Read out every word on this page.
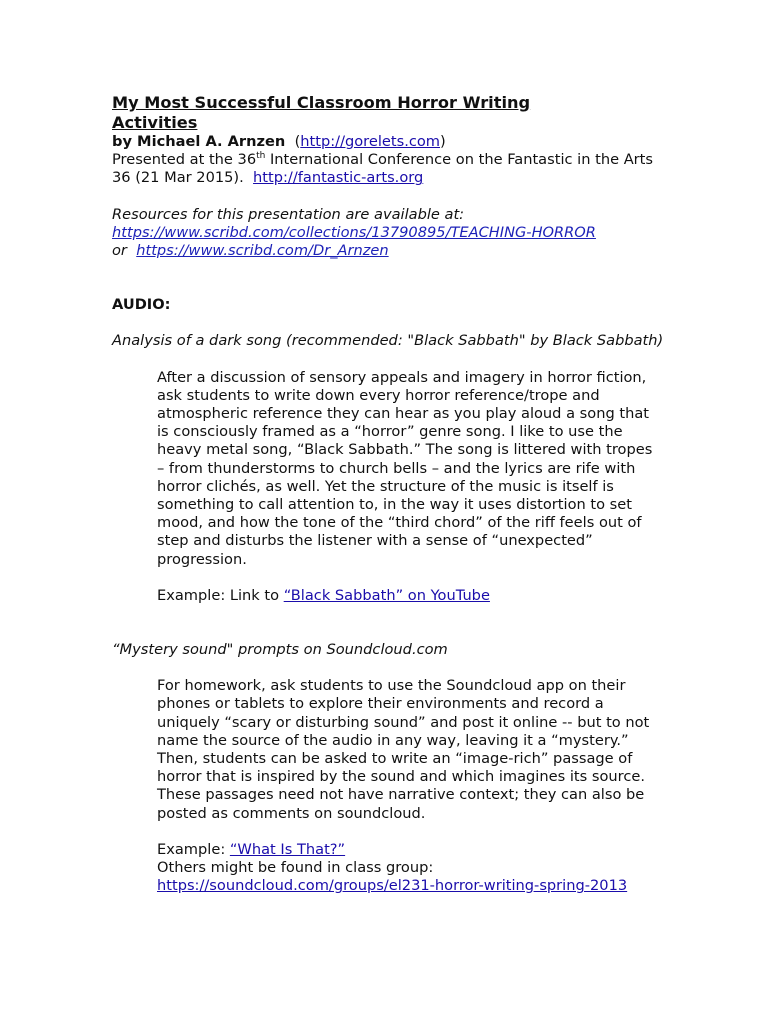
My Most Successful Classroom Horror Writing Activities

by Michael A. Arnzen  (http://gorelets.com)

Presented at the 36th International Conference on the Fantastic in the Arts 36 (21 Mar 2015). http://fantastic-arts.org

Resources for this presentation are available at:

https://www.scribd.com/collections/13790895/TEACHING-HORROR

or https://www.scribd.com/Dr_Arnzen

AUDIO:

Analysis of a dark song (recommended: "Black Sabbath" by Black Sabbath)

After a discussion of sensory appeals and imagery in horror fiction, ask students to write down every horror reference/trope and atmospheric reference they can hear as you play aloud a song that is consciously framed as a “horror” genre song. I like to use the heavy metal song, “Black Sabbath.” The song is littered with tropes – from thunderstorms to church bells – and the lyrics are rife with horror clichés, as well. Yet the structure of the music is itself is something to call attention to, in the way it uses distortion to set mood, and how the tone of the “third chord” of the riff feels out of step and disturbs the listener with a sense of “unexpected” progression.

Example: Link to “Black Sabbath” on YouTube

“Mystery sound" prompts on Soundcloud.com

For homework, ask students to use the Soundcloud app on their phones or tablets to explore their environments and record a uniquely “scary or disturbing sound” and post it online -- but to not name the source of the audio in any way, leaving it a “mystery.” Then, students can be asked to write an “image-rich” passage of horror that is inspired by the sound and which imagines its source. These passages need not have narrative context; they can also be posted as comments on soundcloud.

Example: “What Is That?”

Others might be found in class group:

https://soundcloud.com/groups/el231-horror-writing-spring-2013
